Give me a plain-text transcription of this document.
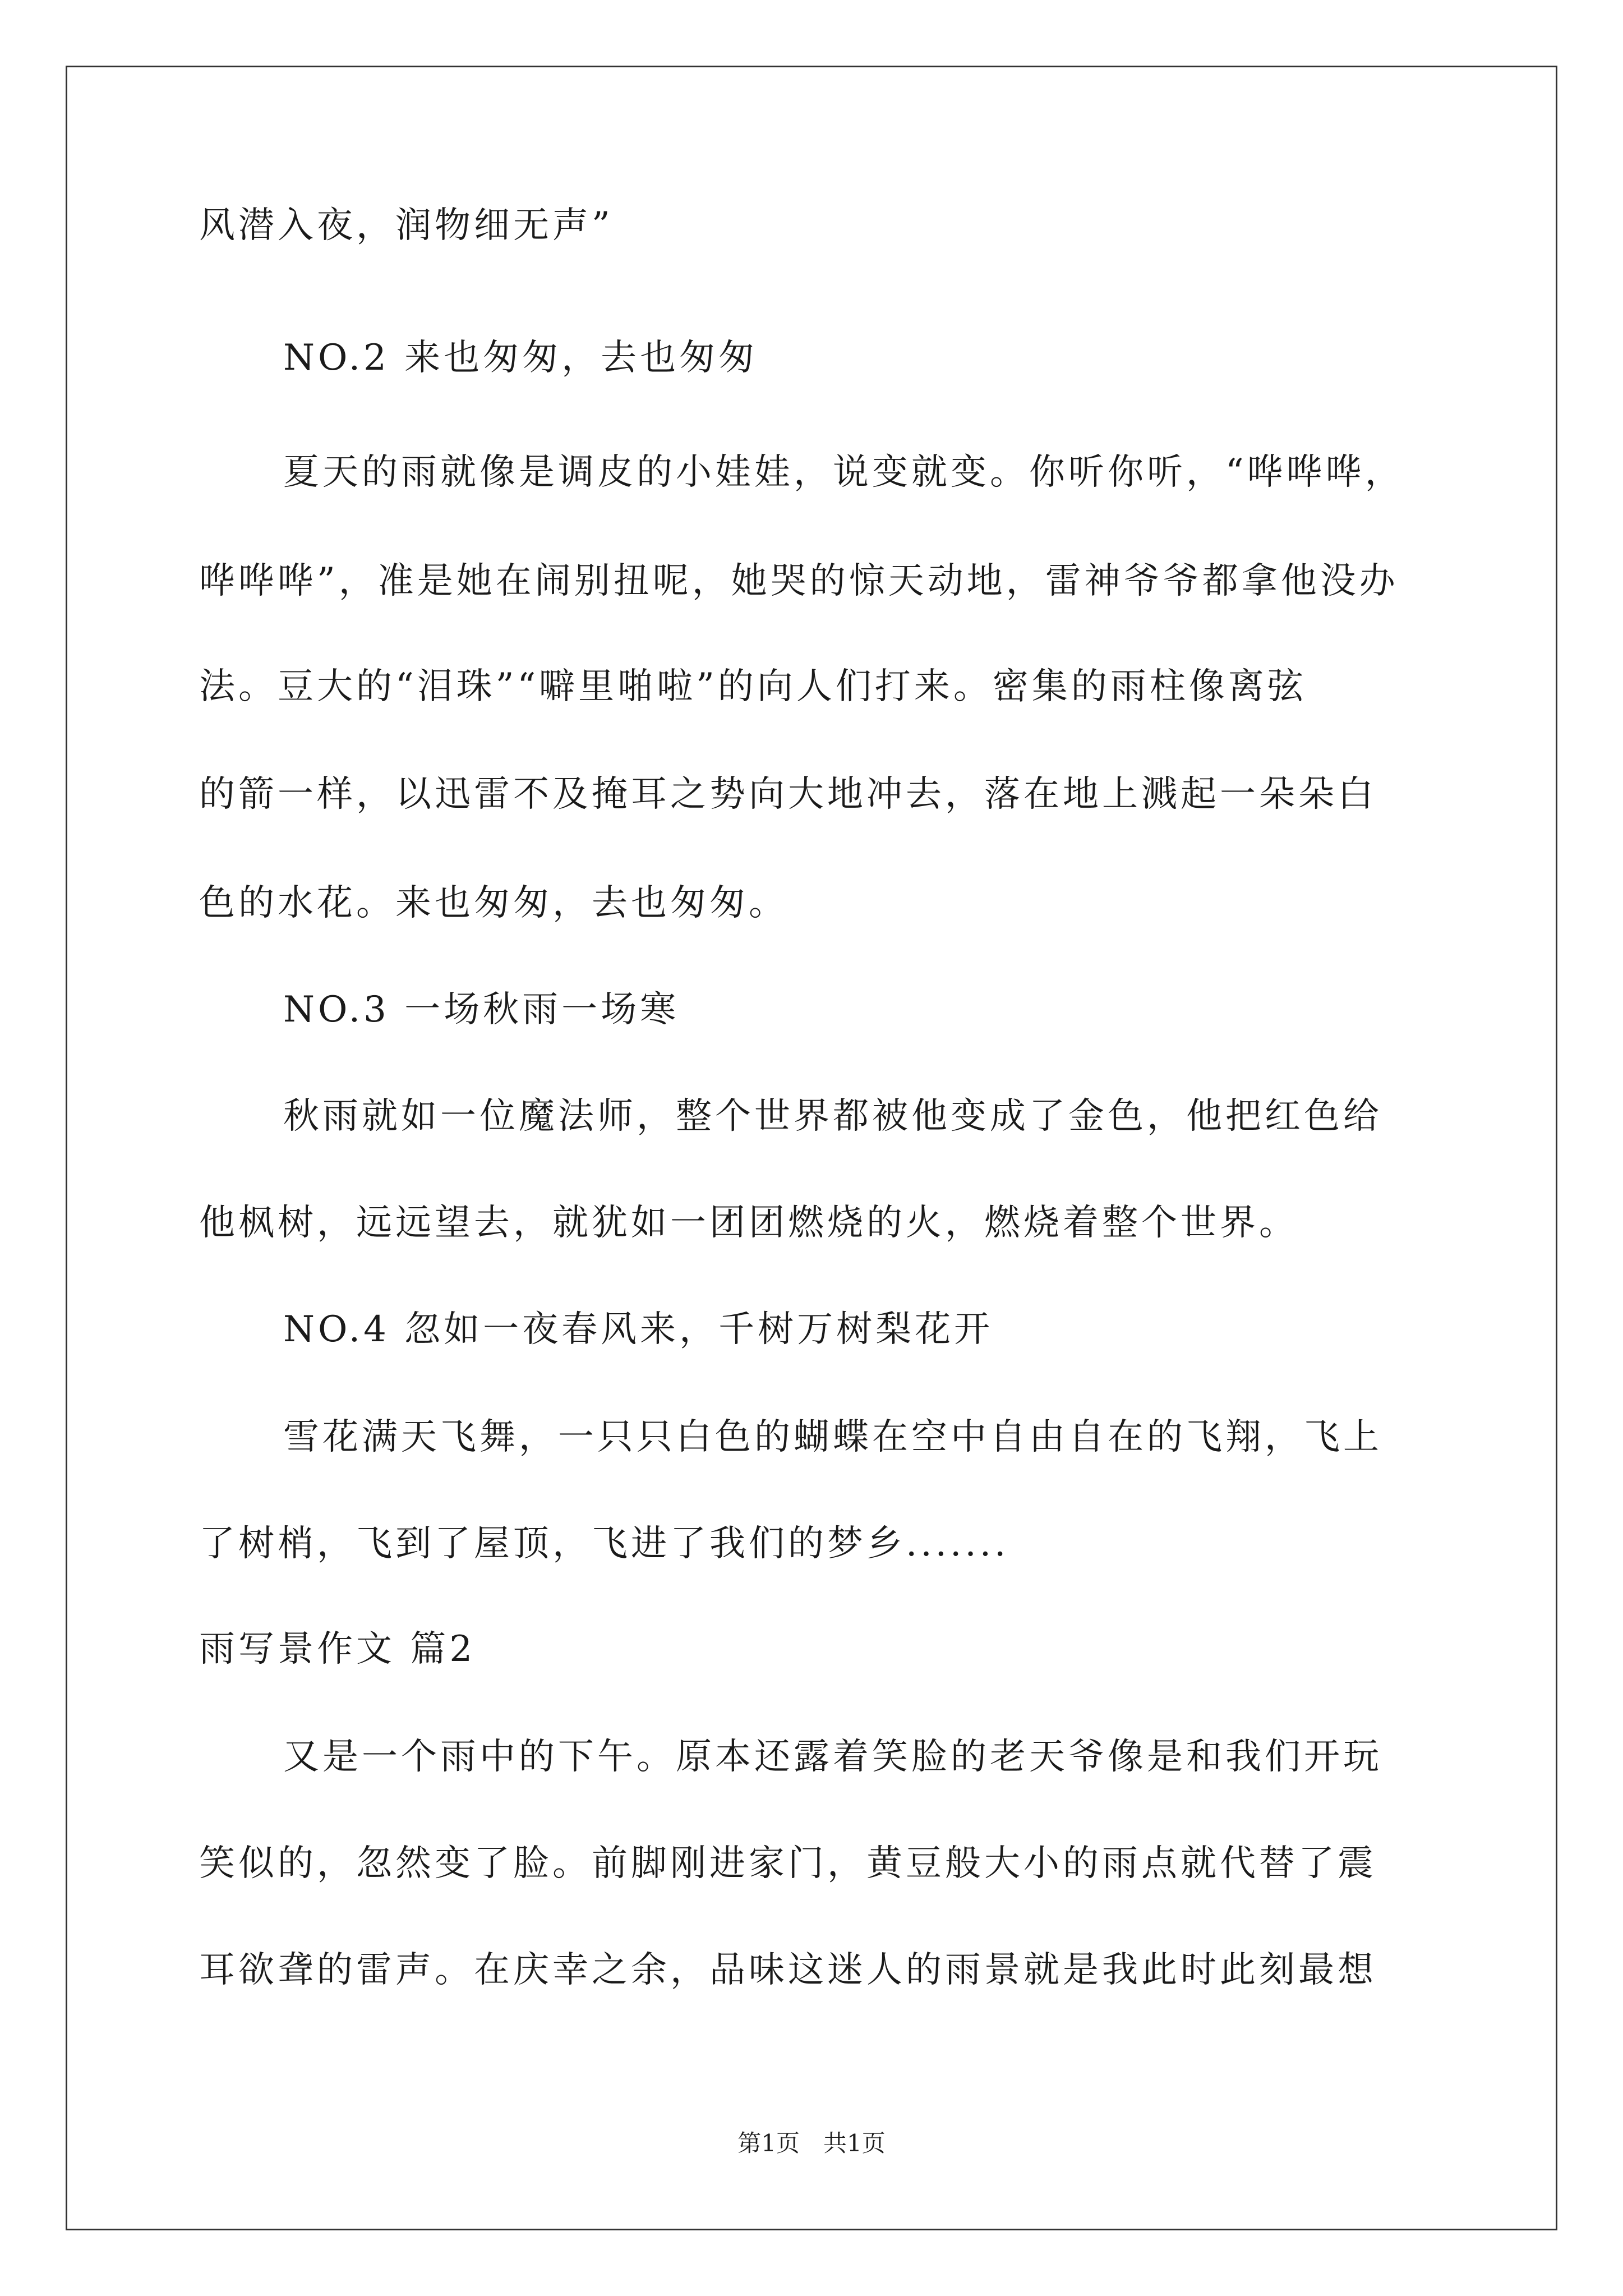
风潜入夜，润物细无声”
NO.2 来也匆匆，去也匆匆
夏天的雨就像是调皮的小娃娃，说变就变。你听你听，“哗哗哗，
哗哗哗”，准是她在闹别扭呢，她哭的惊天动地，雷神爷爷都拿他没办
法。豆大的“泪珠”“噼里啪啦”的向人们打来。密集的雨柱像离弦
的箭一样，以迅雷不及掩耳之势向大地冲去，落在地上溅起一朵朵白
色的水花。来也匆匆，去也匆匆。
NO.3 一场秋雨一场寒
秋雨就如一位魔法师，整个世界都被他变成了金色，他把红色给
他枫树，远远望去，就犹如一团团燃烧的火，燃烧着整个世界。
NO.4 忽如一夜春风来，千树万树梨花开
雪花满天飞舞，一只只白色的蝴蝶在空中自由自在的飞翔，飞上
了树梢，飞到了屋顶，飞进了我们的梦乡.......
雨写景作文 篇2
又是一个雨中的下午。原本还露着笑脸的老天爷像是和我们开玩
笑似的，忽然变了脸。前脚刚进家门，黄豆般大小的雨点就代替了震
耳欲聋的雷声。在庆幸之余，品味这迷人的雨景就是我此时此刻最想
第1页　共1页
